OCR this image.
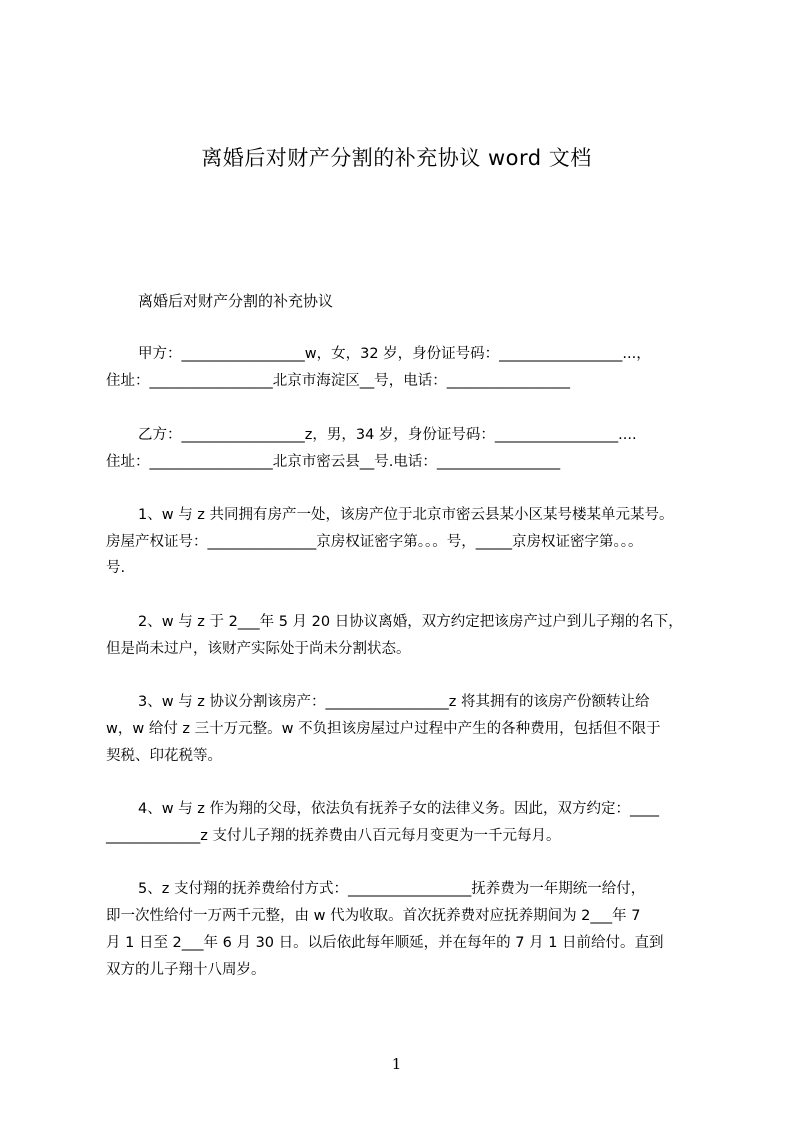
离婚后对财产分割的补充协议 word 文档
离婚后对财产分割的补充协议
甲方：_________________w，女，32 岁，身份证号码：_________________...，
住址：_________________北京市海淀区__号，电话：_________________
乙方：_________________z，男，34 岁，身份证号码：_________________....
住址：_________________北京市密云县__号.电话：_________________
1、w 与 z 共同拥有房产一处，该房产位于北京市密云县某小区某号楼某单元某号。
房屋产权证号：_______________京房权证密字第。。。号，_____京房权证密字第。。。
号.
2、w 与 z 于 2___年 5 月 20 日协议离婚，双方约定把该房产过户到儿子翔的名下，
但是尚未过户，该财产实际处于尚未分割状态。
3、w 与 z 协议分割该房产：_________________z 将其拥有的该房产份额转让给
w，w 给付 z 三十万元整。w 不负担该房屋过户过程中产生的各种费用，包括但不限于
契税、印花税等。
4、w 与 z 作为翔的父母，依法负有抚养子女的法律义务。因此，双方约定：____
_____________z 支付儿子翔的抚养费由八百元每月变更为一千元每月。
5、z 支付翔的抚养费给付方式：_________________抚养费为一年期统一给付，
即一次性给付一万两千元整，由 w 代为收取。首次抚养费对应抚养期间为 2___年 7
月 1 日至 2___年 6 月 30 日。以后依此每年顺延，并在每年的 7 月 1 日前给付。直到
双方的儿子翔十八周岁。
1
